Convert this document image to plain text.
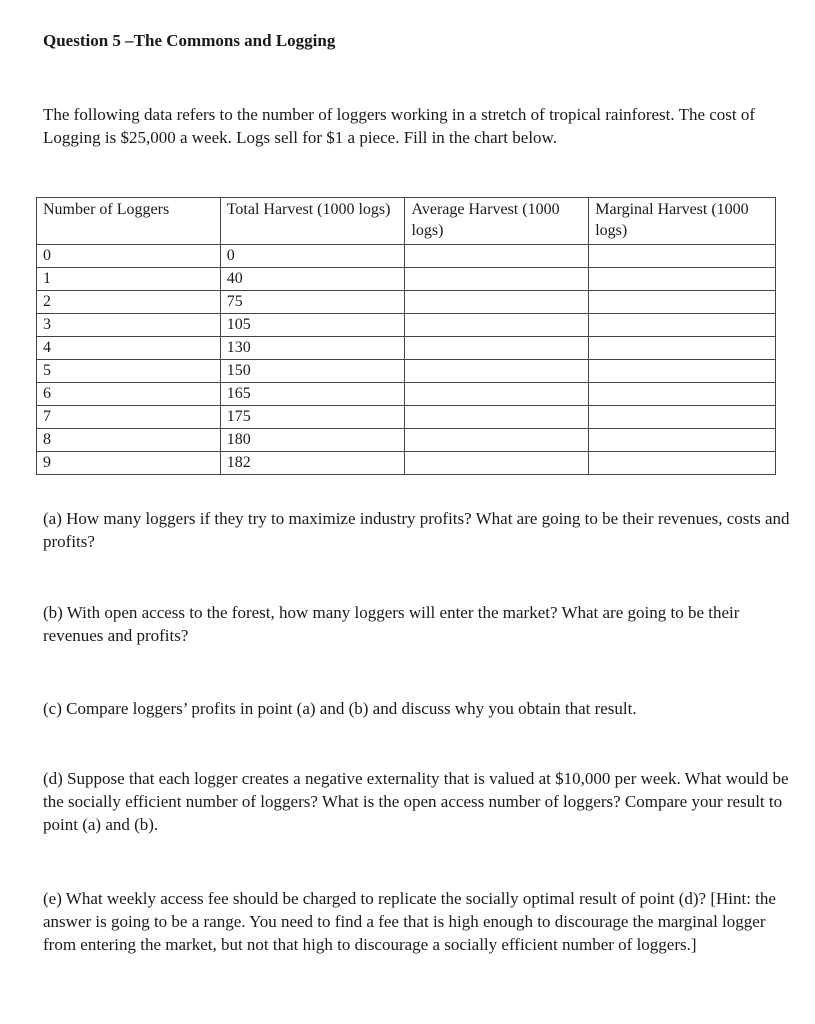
Question 5 –The Commons and Logging

The following data refers to the number of loggers working in a stretch of tropical rainforest. The cost of Logging is $25,000 a week. Logs sell for $1 a piece. Fill in the chart below.

Number of Loggers	Total Harvest (1000 logs)	Average Harvest (1000 logs)	Marginal Harvest (1000 logs)
0	0		
1	40		
2	75		
3	105		
4	130		
5	150		
6	165		
7	175		
8	180		
9	182		

(a) How many loggers if they try to maximize industry profits? What are going to be their revenues, costs and profits?

(b) With open access to the forest, how many loggers will enter the market? What are going to be their revenues and profits?

(c) Compare loggers’ profits in point (a) and (b) and discuss why you obtain that result.

(d) Suppose that each logger creates a negative externality that is valued at $10,000 per week. What would be the socially efficient number of loggers? What is the open access number of loggers? Compare your result to point (a) and (b).

(e) What weekly access fee should be charged to replicate the socially optimal result of point (d)? [Hint: the answer is going to be a range. You need to find a fee that is high enough to discourage the marginal logger from entering the market, but not that high to discourage a socially efficient number of loggers.]
